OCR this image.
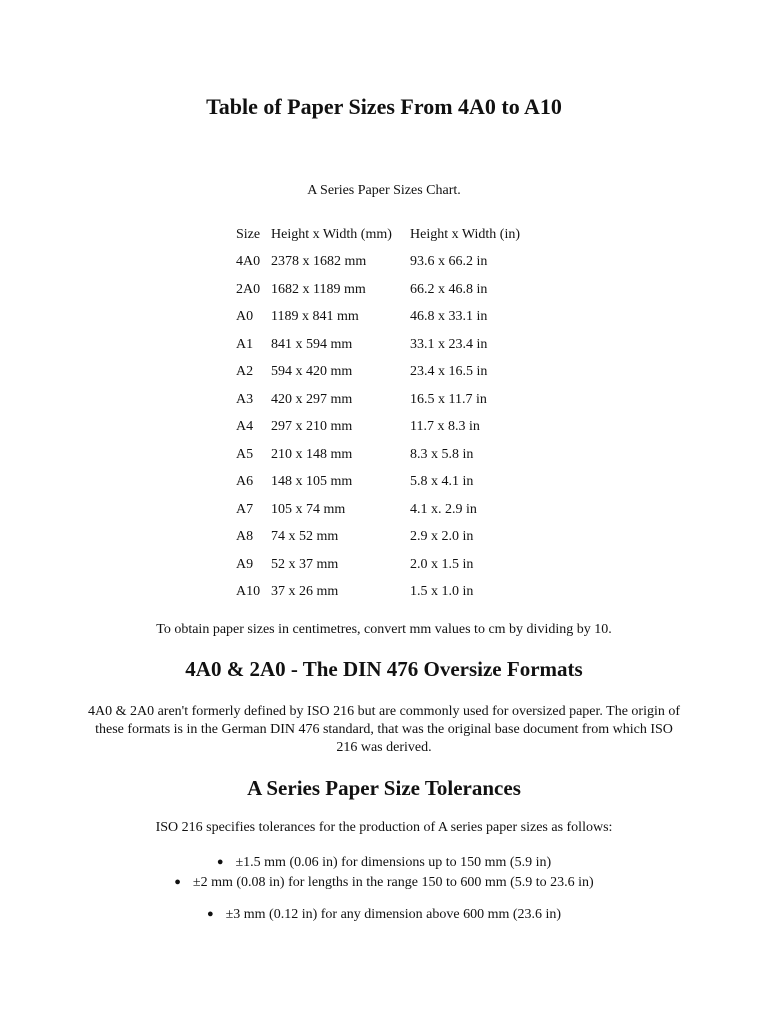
Table of Paper Sizes From 4A0 to A10
A Series Paper Sizes Chart.
Size	Height x Width (mm)	Height x Width (in)
4A0	2378 x 1682 mm	93.6 x 66.2 in
2A0	1682 x 1189 mm	66.2 x 46.8 in
A0	1189 x 841 mm	46.8 x 33.1 in
A1	841 x 594 mm	33.1 x 23.4 in
A2	594 x 420 mm	23.4 x 16.5 in
A3	420 x 297 mm	16.5 x 11.7 in
A4	297 x 210 mm	11.7 x 8.3 in
A5	210 x 148 mm	8.3 x 5.8 in
A6	148 x 105 mm	5.8 x 4.1 in
A7	105 x 74 mm	4.1 x. 2.9 in
A8	74 x 52 mm	2.9 x 2.0 in
A9	52 x 37 mm	2.0 x 1.5 in
A10	37 x 26 mm	1.5 x 1.0 in
To obtain paper sizes in centimetres, convert mm values to cm by dividing by 10.
4A0 & 2A0 - The DIN 476 Oversize Formats
4A0 & 2A0 aren't formerly defined by ISO 216 but are commonly used for oversized paper. The origin of these formats is in the German DIN 476 standard, that was the original base document from which ISO 216 was derived.
A Series Paper Size Tolerances
ISO 216 specifies tolerances for the production of A series paper sizes as follows:
● ±1.5 mm (0.06 in) for dimensions up to 150 mm (5.9 in)
● ±2 mm (0.08 in) for lengths in the range 150 to 600 mm (5.9 to 23.6 in)
● ±3 mm (0.12 in) for any dimension above 600 mm (23.6 in)
